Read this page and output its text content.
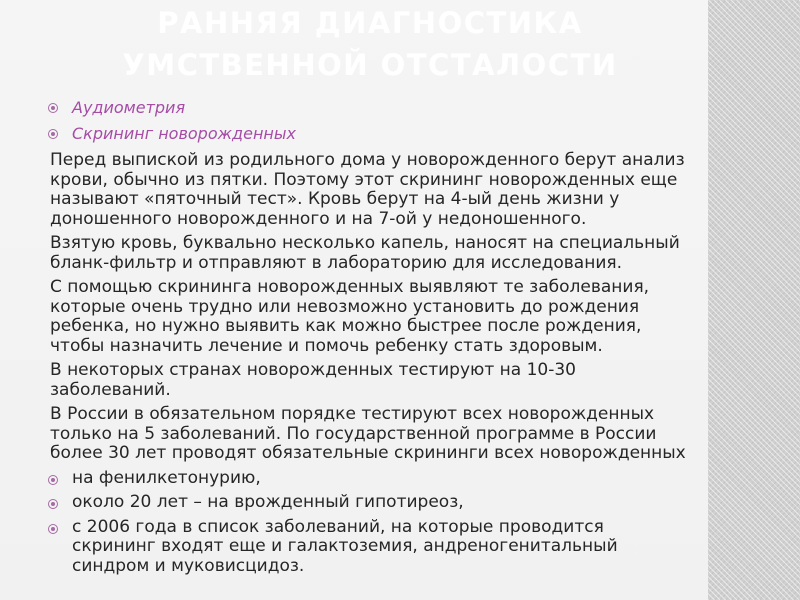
РАННЯЯ ДИАГНОСТИКА
УМСТВЕННОЙ ОТСТАЛОСТИ
Аудиометрия
Скрининг новорожденных

Перед выпиской из родильного дома у новорожденного берут анализ
крови, обычно из пятки. Поэтому этот скрининг новорожденных еще
называют «пяточный тест». Кровь берут на 4-ый день жизни у
доношенного новорожденного и на 7-ой у недоношенного.

Взятую кровь, буквально несколько капель, наносят на специальный
бланк-фильтр и отправляют в лабораторию для исследования.

С помощью скрининга новорожденных выявляют те заболевания,
которые очень трудно или невозможно установить до рождения
ребенка, но нужно выявить как можно быстрее после рождения,
чтобы назначить лечение и помочь ребенку стать здоровым.

В некоторых странах новорожденных тестируют на 10-30
заболеваний.

В России в обязательном порядке тестируют всех новорожденных
только на 5 заболеваний. По государственной программе в России
более 30 лет проводят обязательные скрининги всех новорожденных

на фенилкетонурию,
около 20 лет – на врожденный гипотиреоз,
с 2006 года в список заболеваний, на которые проводится
скрининг входят еще и галактоземия, андреногенитальный
синдром и муковисцидоз.
